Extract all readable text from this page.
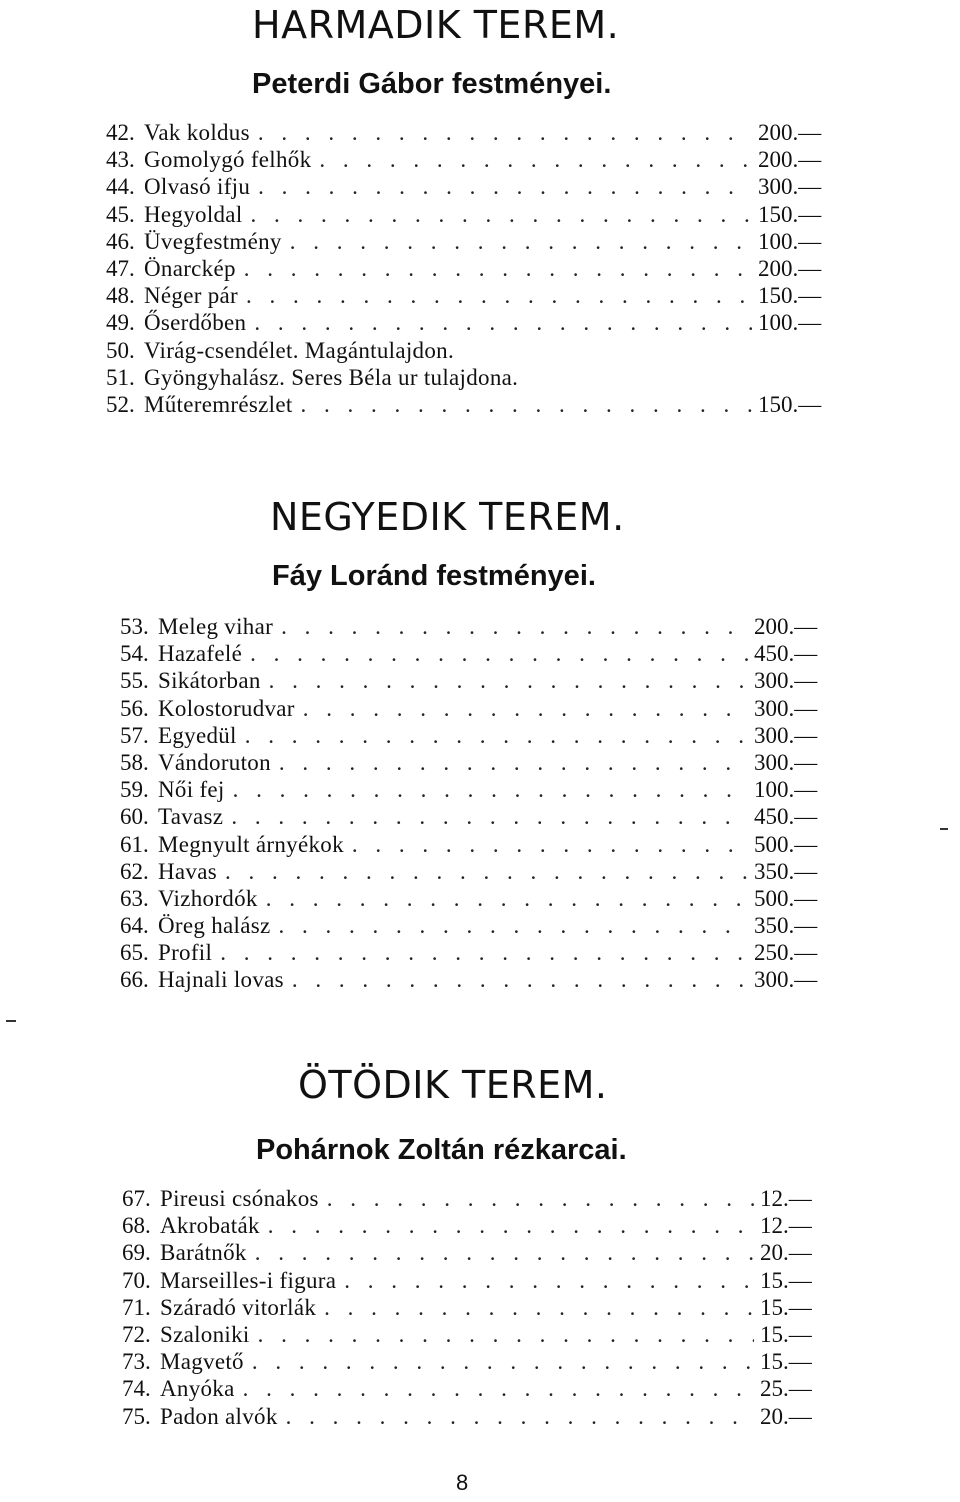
HARMADIK TEREM.
Peterdi Gábor festményei.
42. Vak koldus . . .	200.—
43. Gomolygó felhők . . .	200.—
44. Olvasó ifju . . .	300.—
45. Hegyoldal . . .	150.—
46. Üvegfestmény . . .	100.—
47. Önarckép . . .	200.—
48. Néger pár . . .	150.—
49. Őserdőben . . .	100.—
50. Virág-csendélet. Magántulajdon.
51. Gyöngyhalász. Seres Béla ur tulajdona.
52. Műteremrészlet . . .	150.—
NEGYEDIK TEREM.
Fáy Loránd festményei.
53. Meleg vihar . . .	200.—
54. Hazafelé . . .	450.—
55. Sikátorban . . .	300.—
56. Kolostorudvar . . .	300.—
57. Egyedül . . .	300.—
58. Vándoruton . . .	300.—
59. Női fej . . .	100.—
60. Tavasz . . .	450.—
61. Megnyult árnyékok . . .	500.—
62. Havas . . .	350.—
63. Vizhordók . . .	500.—
64. Öreg halász . . .	350.—
65. Profil . . .	250.—
66. Hajnali lovas . . .	300.—
ÖTÖDIK TEREM.
Pohárnok Zoltán rézkarcai.
67. Pireusi csónakos . . .	12.—
68. Akrobaták . . .	12.—
69. Barátnők . . .	20.—
70. Marseilles-i figura . . .	15.—
71. Száradó vitorlák . . .	15.—
72. Szaloniki . . .	15.—
73. Magvető . . .	15.—
74. Anyóka . . .	25.—
75. Padon alvók . . .	20.—

8
